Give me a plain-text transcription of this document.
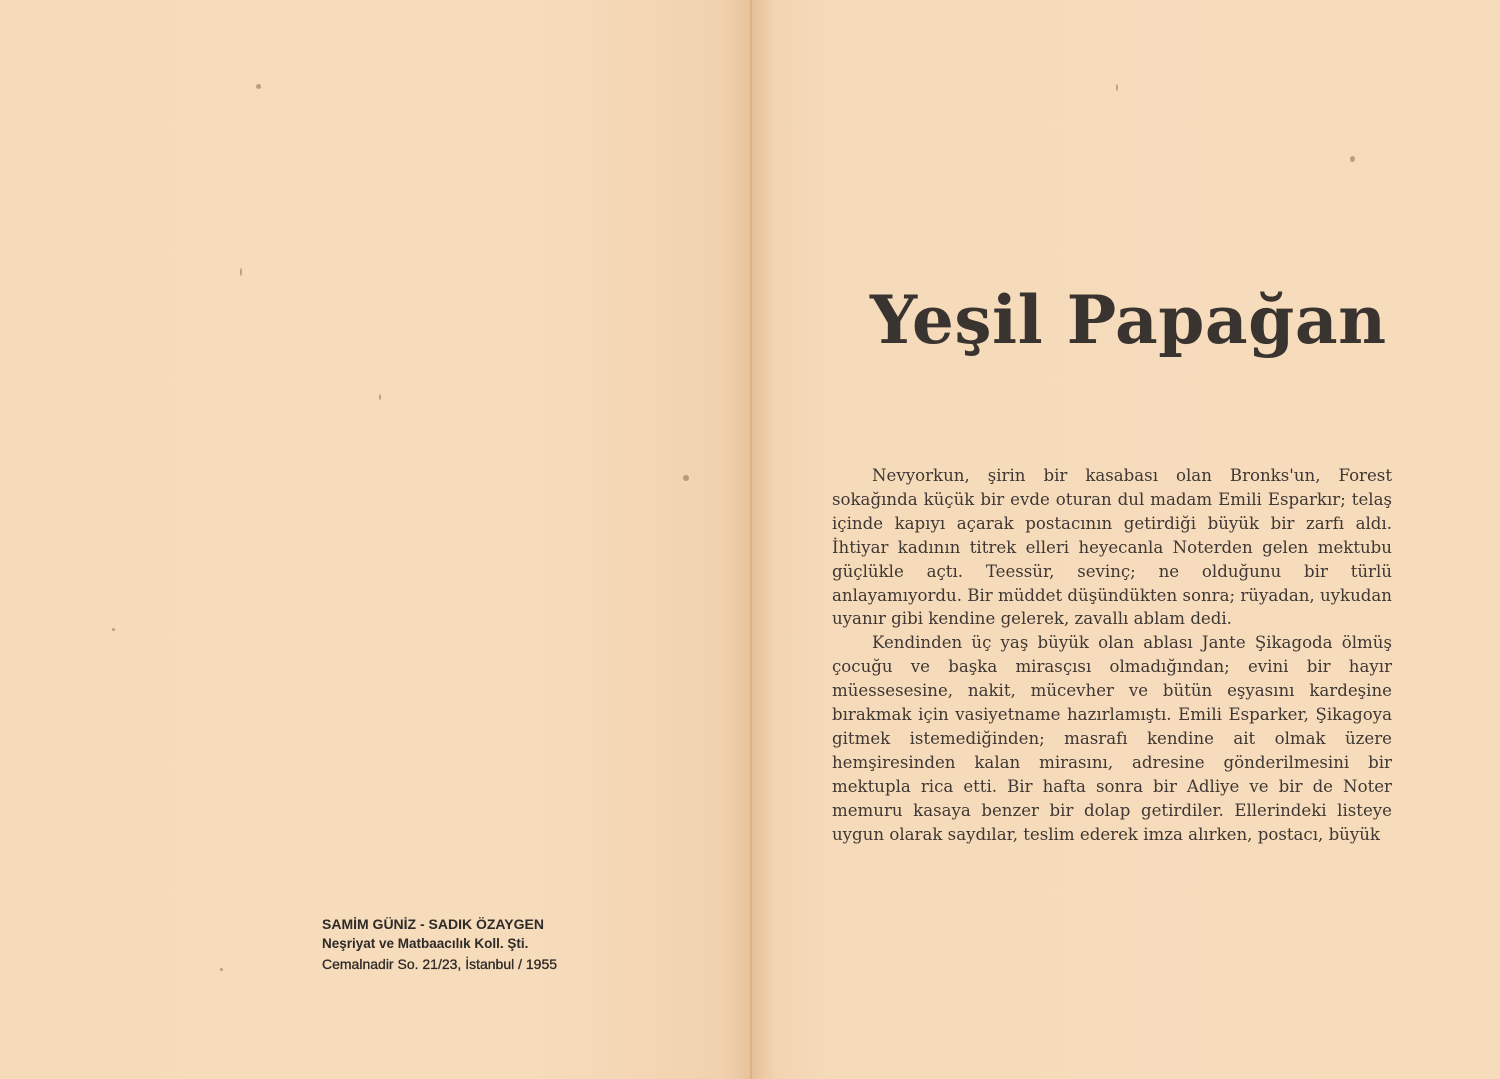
SAMİM GÜNİZ - SADIK ÖZAYGEN
Neşriyat ve Matbaacılık Koll. Şti.
Cemalnadir So. 21/23, İstanbul / 1955
Yeşil Papağan

Nevyorkun, şirin bir kasabası olan Bronks'un, Forest sokağında küçük bir evde oturan dul madam Emili Esparkır; telaş içinde kapıyı açarak postacının getirdiği büyük bir zarfı aldı. İhtiyar kadının titrek elleri heyecanla Noterden gelen mektubu güçlükle açtı. Teessür, sevinç; ne olduğunu bir türlü anlayamıyordu. Bir müddet düşündükten sonra; rüyadan, uykudan uyanır gibi kendine gelerek, zavallı ablam dedi.

Kendinden üç yaş büyük olan ablası Jante Şikagoda ölmüş çocuğu ve başka mirasçısı olmadığından; evini bir hayır müessesesine, nakit, mücevher ve bütün eşyasını kardeşine bırakmak için vasiyetname hazırlamıştı. Emili Esparker, Şikagoya gitmek istemediğinden; masrafı kendine ait olmak üzere hemşiresinden kalan mirasını, adresine gönderilmesini bir mektupla rica etti. Bir hafta sonra bir Adliye ve bir de Noter memuru kasaya benzer bir dolap getirdiler. Ellerindeki listeye uygun olarak saydılar, teslim ederek imza alırken, postacı, büyük
